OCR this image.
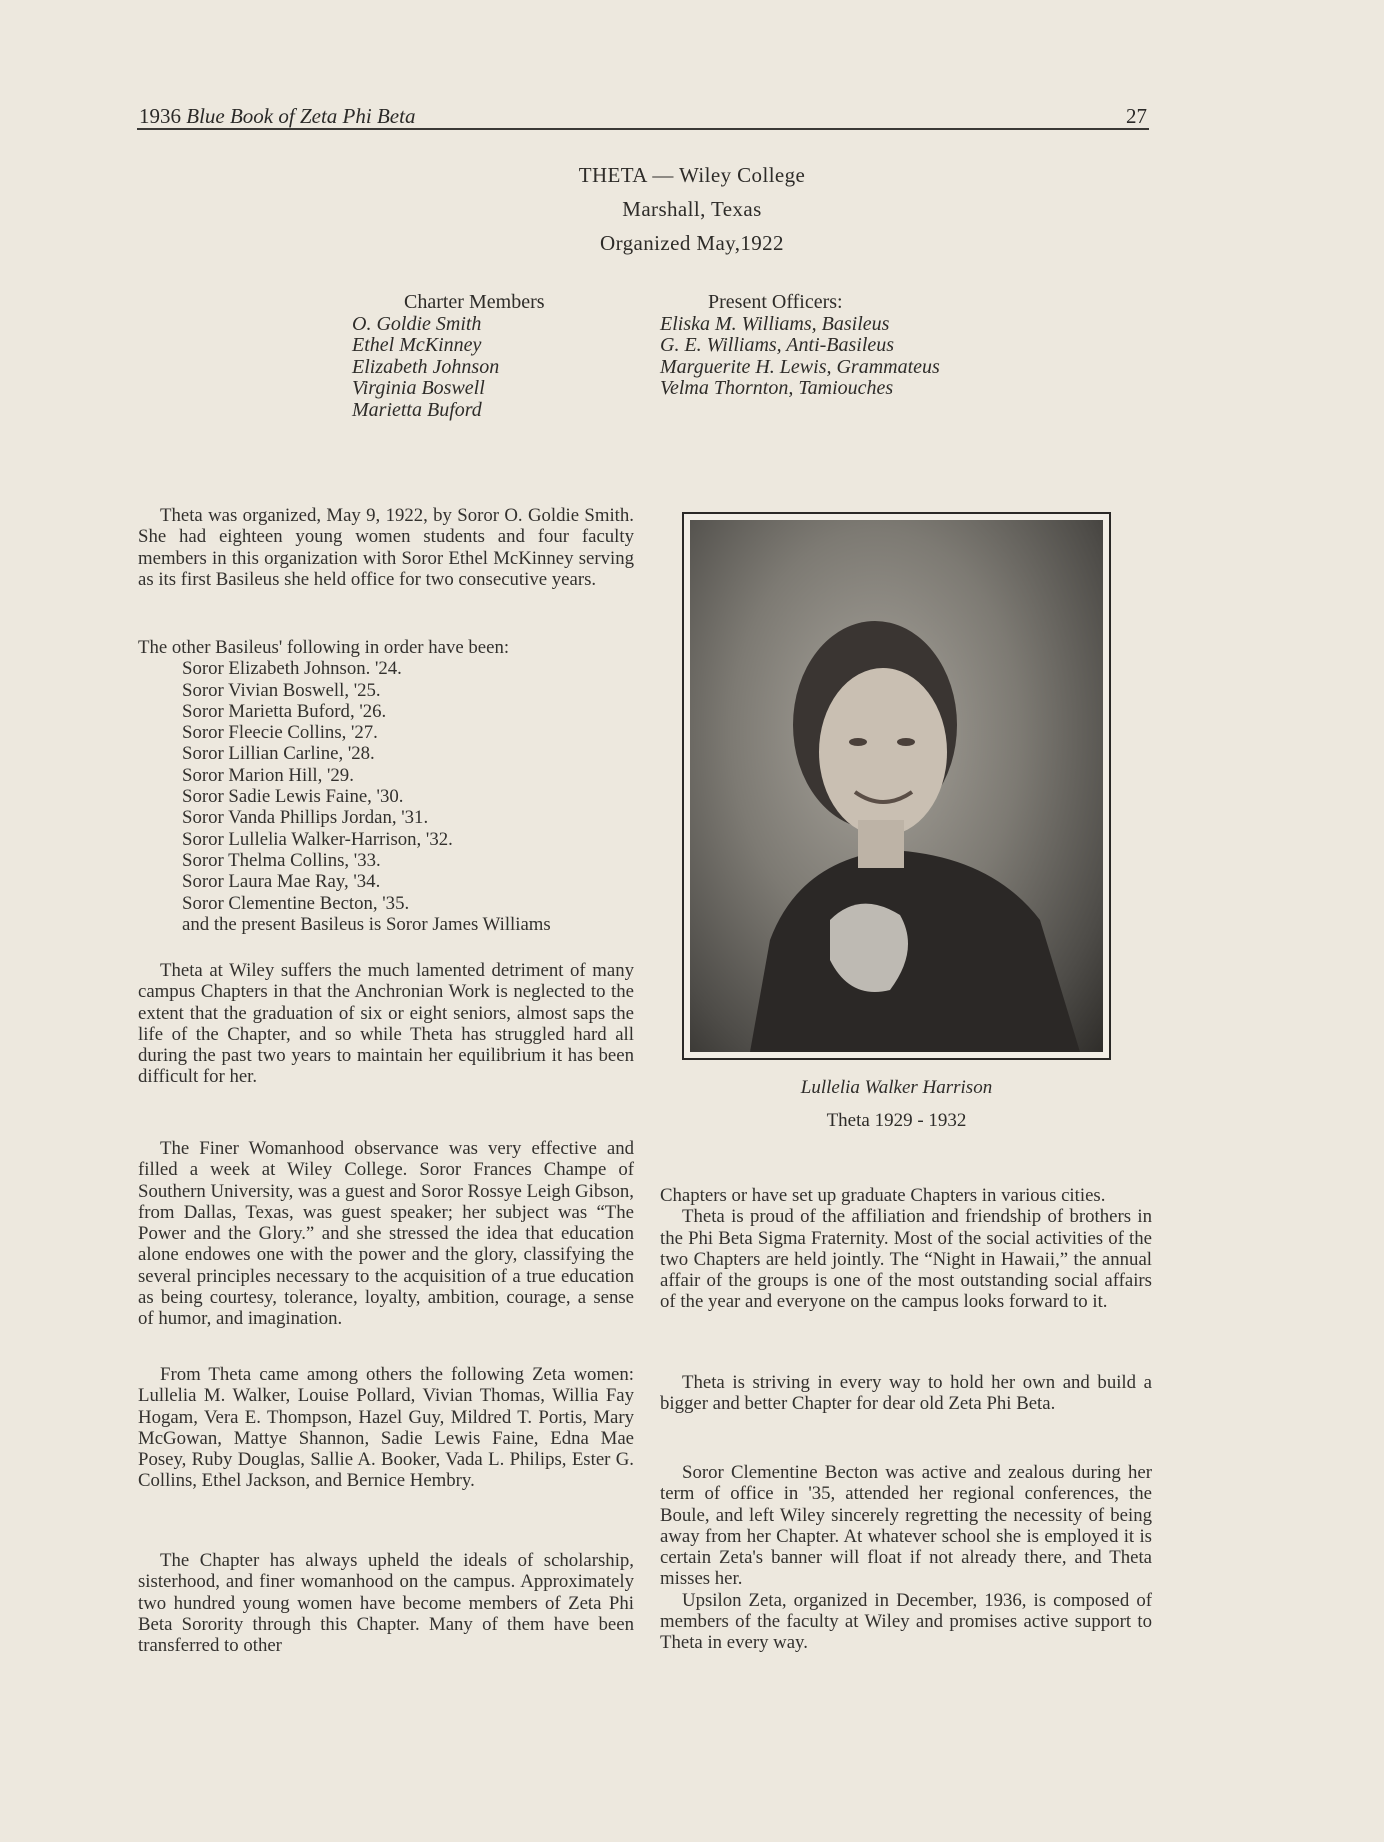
1936 Blue Book of Zeta Phi Beta	27
THETA — Wiley College
Marshall, Texas
Organized May,1922
Charter Members
O. Goldie Smith
Ethel McKinney
Elizabeth Johnson
Virginia Boswell
Marietta Buford
Present Officers:
Eliska M. Williams, Basileus
G. E. Williams, Anti-Basileus
Marguerite H. Lewis, Grammateus
Velma Thornton, Tamiouches

Theta was organized, May 9, 1922, by Soror O. Goldie Smith. She had eighteen young women students and four faculty members in this organization with Soror Ethel McKinney serving as its first Basileus she held office for two consecutive years.

The other Basileus' following in order have been:
Soror Elizabeth Johnson. '24.
Soror Vivian Boswell, '25.
Soror Marietta Buford, '26.
Soror Fleecie Collins, '27.
Soror Lillian Carline, '28.
Soror Marion Hill, '29.
Soror Sadie Lewis Faine, '30.
Soror Vanda Phillips Jordan, '31.
Soror Lullelia Walker-Harrison, '32.
Soror Thelma Collins, '33.
Soror Laura Mae Ray, '34.
Soror Clementine Becton, '35.
and the present Basileus is Soror James Williams

Theta at Wiley suffers the much lamented detriment of many campus Chapters in that the Anchronian Work is neglected to the extent that the graduation of six or eight seniors, almost saps the life of the Chapter, and so while Theta has struggled hard all during the past two years to maintain her equilibrium it has been difficult for her.

The Finer Womanhood observance was very effective and filled a week at Wiley College. Soror Frances Champe of Southern University, was a guest and Soror Rossye Leigh Gibson, from Dallas, Texas, was guest speaker; her subject was “The Power and the Glory.” and she stressed the idea that education alone endowes one with the power and the glory, classifying the several principles necessary to the acquisition of a true education as being courtesy, tolerance, loyalty, ambition, courage, a sense of humor, and imagination.

From Theta came among others the following Zeta women: Lullelia M. Walker, Louise Pollard, Vivian Thomas, Willia Fay Hogam, Vera E. Thompson, Hazel Guy, Mildred T. Portis, Mary McGowan, Mattye Shannon, Sadie Lewis Faine, Edna Mae Posey, Ruby Douglas, Sallie A. Booker, Vada L. Philips, Ester G. Collins, Ethel Jackson, and Bernice Hembry.

The Chapter has always upheld the ideals of scholarship, sisterhood, and finer womanhood on the campus. Approximately two hundred young women have become members of Zeta Phi Beta Sorority through this Chapter. Many of them have been transferred to other

Lullelia Walker Harrison
Theta 1929 - 1932

Chapters or have set up graduate Chapters in various cities.

Theta is proud of the affiliation and friendship of brothers in the Phi Beta Sigma Fraternity. Most of the social activities of the two Chapters are held jointly. The “Night in Hawaii,” the annual affair of the groups is one of the most outstanding social affairs of the year and everyone on the campus looks forward to it.

Theta is striving in every way to hold her own and build a bigger and better Chapter for dear old Zeta Phi Beta.

Soror Clementine Becton was active and zealous during her term of office in '35, attended her regional conferences, the Boule, and left Wiley sincerely regretting the necessity of being away from her Chapter. At whatever school she is employed it is certain Zeta's banner will float if not already there, and Theta misses her.

Upsilon Zeta, organized in December, 1936, is composed of members of the faculty at Wiley and promises active support to Theta in every way.
